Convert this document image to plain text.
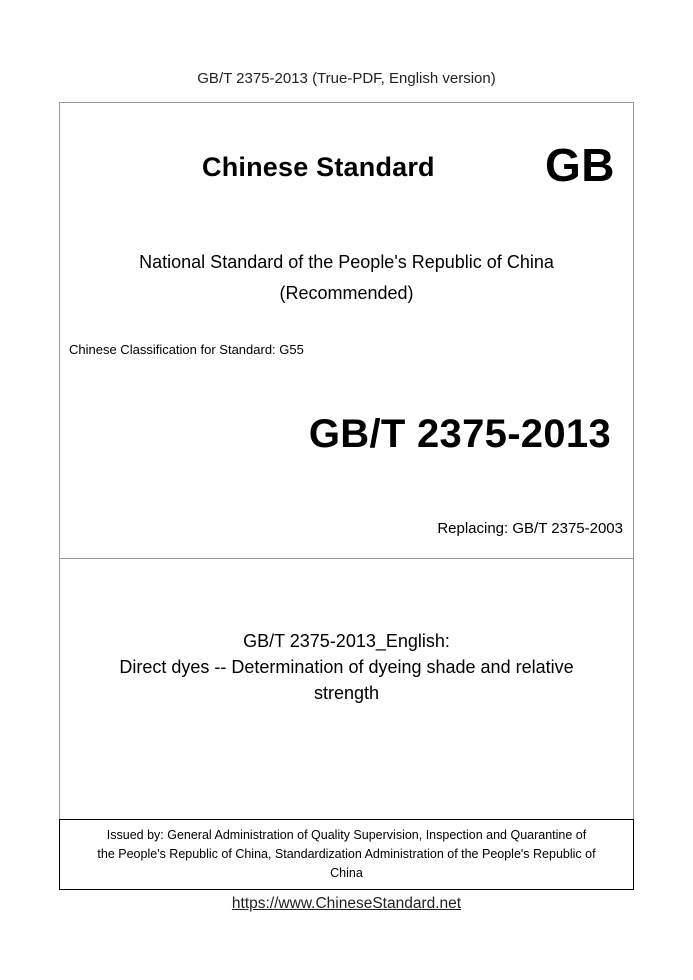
GB/T 2375-2013 (True-PDF, English version)
Chinese Standard GB
National Standard of the People's Republic of China
(Recommended)
Chinese Classification for Standard: G55
GB/T 2375-2013
Replacing: GB/T 2375-2003
GB/T 2375-2013_English:
Direct dyes -- Determination of dyeing shade and relative
strength
Issued by: General Administration of Quality Supervision, Inspection and Quarantine of
the People's Republic of China, Standardization Administration of the People's Republic of
China
https://www.ChineseStandard.net
